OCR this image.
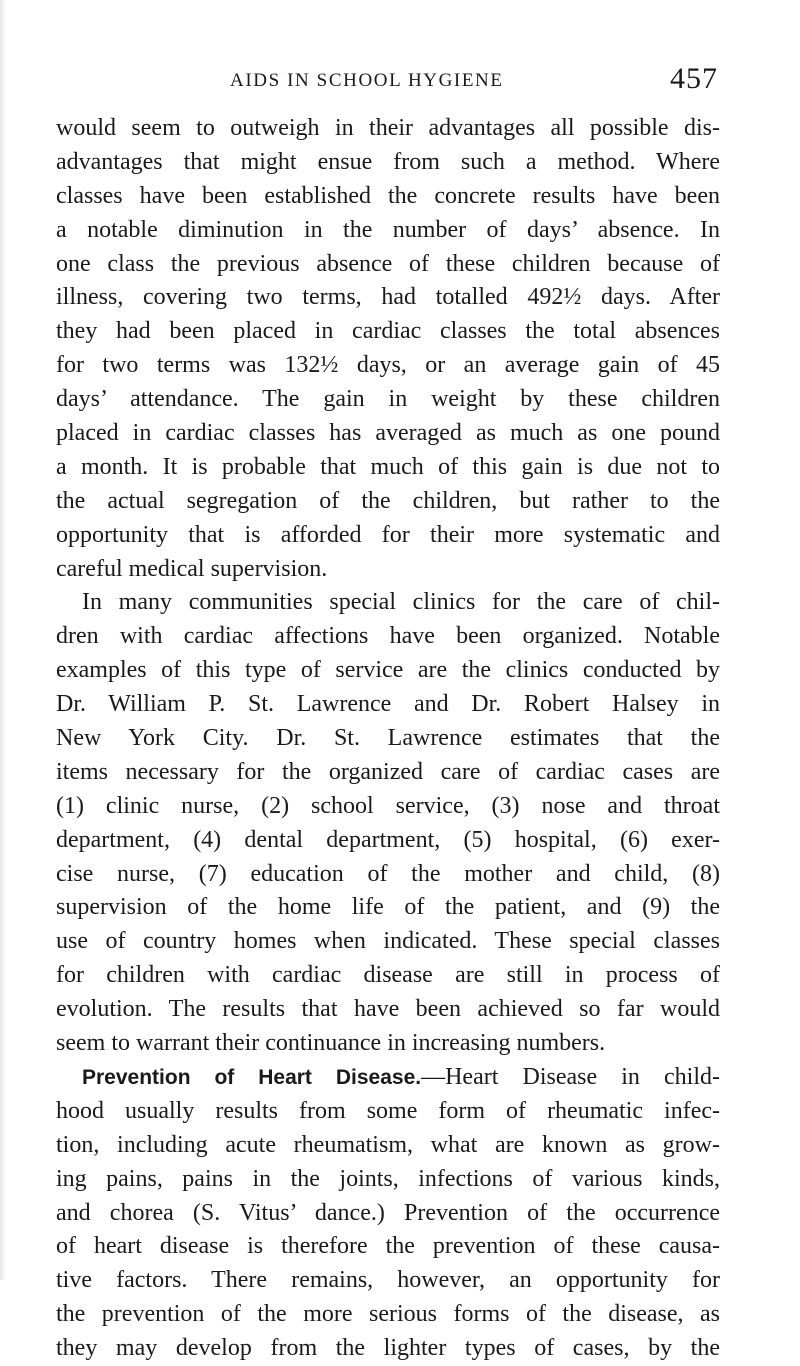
AIDS IN SCHOOL HYGIENE	457
would seem to outweigh in their advantages all possible dis-
advantages that might ensue from such a method. Where
classes have been established the concrete results have been
a notable diminution in the number of days’ absence. In
one class the previous absence of these children because of
illness, covering two terms, had totalled 492½ days. After
they had been placed in cardiac classes the total absences
for two terms was 132½ days, or an average gain of 45
days’ attendance. The gain in weight by these children
placed in cardiac classes has averaged as much as one pound
a month. It is probable that much of this gain is due not to
the actual segregation of the children, but rather to the
opportunity that is afforded for their more systematic and
careful medical supervision.
In many communities special clinics for the care of chil-
dren with cardiac affections have been organized. Notable
examples of this type of service are the clinics conducted by
Dr. William P. St. Lawrence and Dr. Robert Halsey in
New York City. Dr. St. Lawrence estimates that the
items necessary for the organized care of cardiac cases are
(1) clinic nurse, (2) school service, (3) nose and throat
department, (4) dental department, (5) hospital, (6) exer-
cise nurse, (7) education of the mother and child, (8)
supervision of the home life of the patient, and (9) the
use of country homes when indicated. These special classes
for children with cardiac disease are still in process of
evolution. The results that have been achieved so far would
seem to warrant their continuance in increasing numbers.
Prevention of Heart Disease.—Heart Disease in child-
hood usually results from some form of rheumatic infec-
tion, including acute rheumatism, what are known as grow-
ing pains, pains in the joints, infections of various kinds,
and chorea (S. Vitus’ dance.) Prevention of the occurrence
of heart disease is therefore the prevention of these causa-
tive factors. There remains, however, an opportunity for
the prevention of the more serious forms of the disease, as
they may develop from the lighter types of cases, by the
